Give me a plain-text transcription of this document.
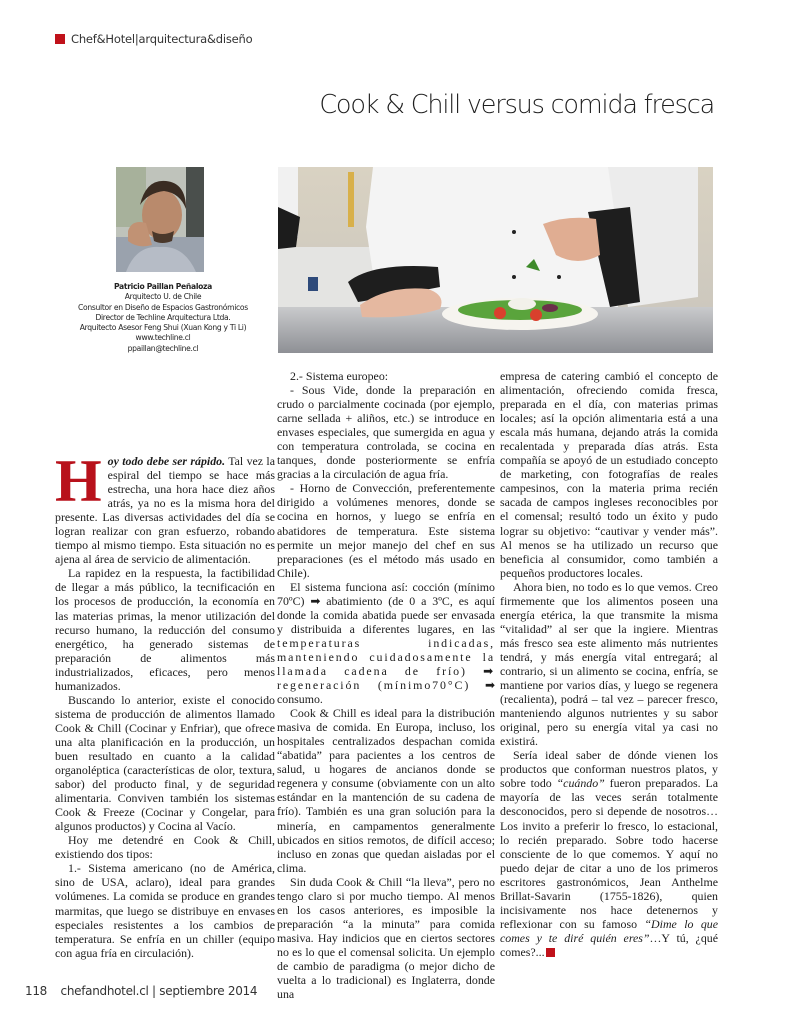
Chef&Hotel|arquitectura&diseño
Cook & Chill versus comida fresca
Patricio Paillan Peñaloza
Arquitecto U. de Chile
Consultor en Diseño de Espacios Gastronómicos
Director de Techline Arquitectura Ltda.
Arquitecto Asesor Feng Shui (Xuan Kong y Ti Li)
www.techline.cl
ppaillan@techline.cl

Hoy todo debe ser rápido. Tal vez la espiral del tiempo se hace más estrecha, una hora hace diez años atrás, ya no es la misma hora del presente. Las diversas actividades del día se logran realizar con gran esfuerzo, robando tiempo al mismo tiempo. Esta situación no es ajena al área de servicio de alimentación.

La rapidez en la respuesta, la factibilidad de llegar a más público, la tecnificación en los procesos de producción, la economía en las materias primas, la menor utilización del recurso humano, la reducción del consumo energético, ha generado sistemas de preparación de alimentos más industrializados, eficaces, pero menos humanizados.

Buscando lo anterior, existe el conocido sistema de producción de alimentos llamado Cook & Chill (Cocinar y Enfriar), que ofrece una alta planificación en la producción, un buen resultado en cuanto a la calidad organoléptica (características de olor, textura, sabor) del producto final, y de seguridad alimentaria. Conviven también los sistemas Cook & Freeze (Cocinar y Congelar, para algunos productos) y Cocina al Vacío.

Hoy me detendré en Cook & Chill, existiendo dos tipos:

1.- Sistema americano (no de América, sino de USA, aclaro), ideal para grandes volúmenes. La comida se produce en grandes marmitas, que luego se distribuye en envases especiales resistentes a los cambios de temperatura. Se enfría en un chiller (equipo con agua fría en circulación).

2.- Sistema europeo:

- Sous Vide, donde la preparación en crudo o parcialmente cocinada (por ejemplo, carne sellada + aliños, etc.) se introduce en envases especiales, que sumergida en agua y con temperatura controlada, se cocina en tanques, donde posteriormente se enfría gracias a la circulación de agua fría.

- Horno de Convección, preferentemente dirigido a volúmenes menores, donde se cocina en hornos, y luego se enfría en abatidores de temperatura. Este sistema permite un mejor manejo del chef en sus preparaciones (es el método más usado en Chile).

El sistema funciona así: cocción (mínimo 70ºC) ➡ abatimiento (de 0 a 3ºC, es aquí donde la comida abatida puede ser envasada y distribuida a diferentes lugares, en las temperaturas indicadas, manteniendo cuidadosamente la llamada cadena de frío) ➡ regeneración (mínimo70°C) ➡ consumo.

Cook & Chill es ideal para la distribución masiva de comida. En Europa, incluso, los hospitales centralizados despachan comida “abatida” para pacientes a los centros de salud, u hogares de ancianos donde se regenera y consume (obviamente con un alto estándar en la mantención de su cadena de frío). También es una gran solución para la minería, en campamentos generalmente ubicados en sitios remotos, de difícil acceso; incluso en zonas que quedan aisladas por el clima.

Sin duda Cook & Chill “la lleva”, pero no tengo claro si por mucho tiempo. Al menos en los casos anteriores, es imposible la preparación “a la minuta” para comida masiva. Hay indicios que en ciertos sectores no es lo que el comensal solicita. Un ejemplo de cambio de paradigma (o mejor dicho de vuelta a lo tradicional) es Inglaterra, donde una

empresa de catering cambió el concepto de alimentación, ofreciendo comida fresca, preparada en el día, con materias primas locales; así la opción alimentaria está a una escala más humana, dejando atrás la comida recalentada y preparada días atrás. Esta compañía se apoyó de un estudiado concepto de marketing, con fotografías de reales campesinos, con la materia prima recién sacada de campos ingleses reconocibles por el comensal; resultó todo un éxito y pudo lograr su objetivo: “cautivar y vender más”. Al menos se ha utilizado un recurso que beneficia al consumidor, como también a pequeños productores locales.

Ahora bien, no todo es lo que vemos. Creo firmemente que los alimentos poseen una energía etérica, la que transmite la misma “vitalidad” al ser que la ingiere. Mientras más fresco sea este alimento más nutrientes tendrá, y más energía vital entregará; al contrario, si un alimento se cocina, enfría, se mantiene por varios días, y luego se regenera (recalienta), podrá – tal vez – parecer fresco, manteniendo algunos nutrientes y su sabor original, pero su energía vital ya casi no existirá.

Sería ideal saber de dónde vienen los productos que conforman nuestros platos, y sobre todo “cuándo” fueron preparados. La mayoría de las veces serán totalmente desconocidos, pero si depende de nosotros…Los invito a preferir lo fresco, lo estacional, lo recién preparado. Sobre todo hacerse consciente de lo que comemos. Y aquí no puedo dejar de citar a uno de los primeros escritores gastronómicos, Jean Anthelme Brillat-Savarin (1755-1826), quien incisivamente nos hace detenernos y reflexionar con su famoso “Dime lo que comes y te diré quién eres”…Y tú, ¿qué comes?...

118 chefandhotel.cl | septiembre 2014
